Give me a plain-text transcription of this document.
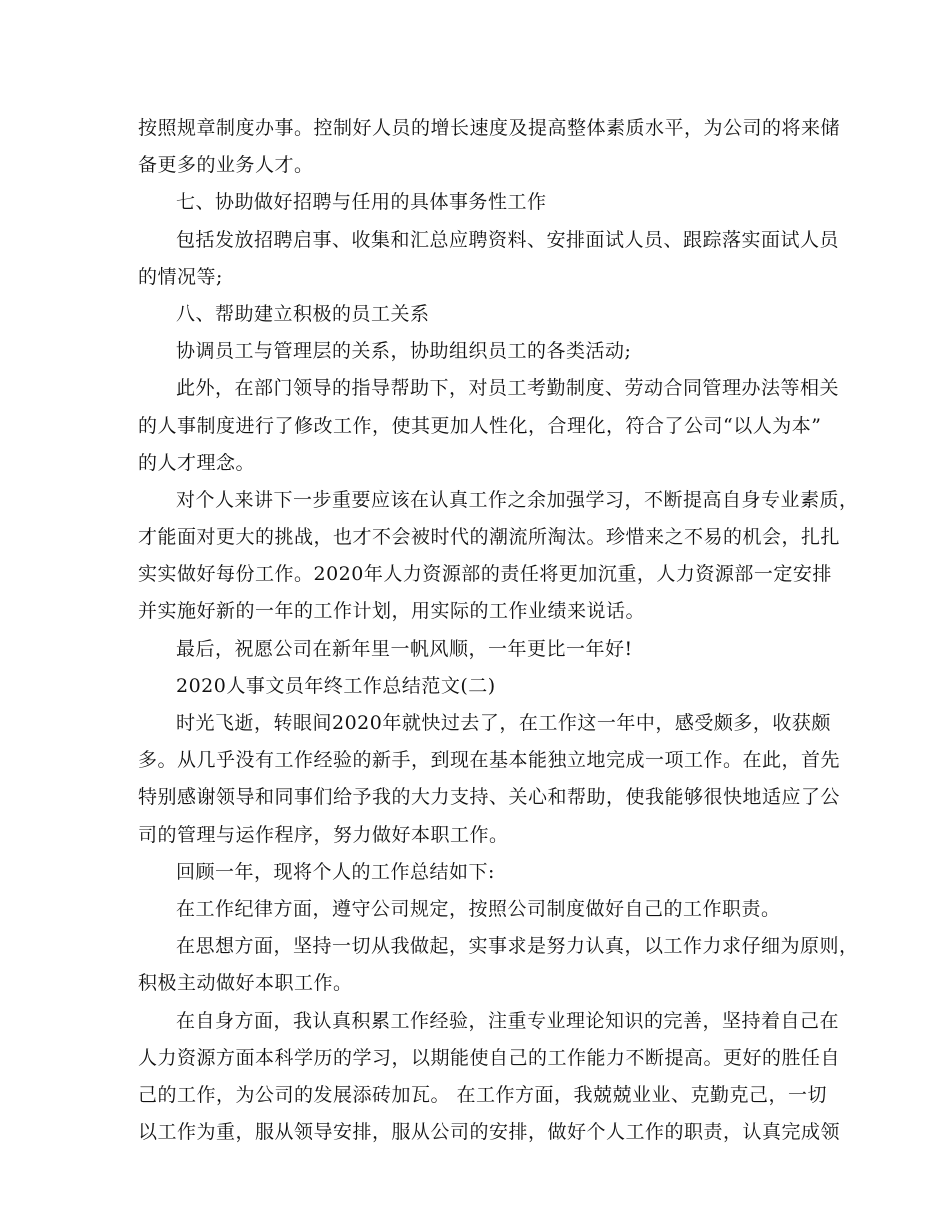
按照规章制度办事。控制好人员的增长速度及提高整体素质水平，为公司的将来储
备更多的业务人才。
七、协助做好招聘与任用的具体事务性工作
包括发放招聘启事、收集和汇总应聘资料、安排面试人员、跟踪落实面试人员
的情况等;
八、帮助建立积极的员工关系
协调员工与管理层的关系，协助组织员工的各类活动;
此外，在部门领导的指导帮助下，对员工考勤制度、劳动合同管理办法等相关
的人事制度进行了修改工作，使其更加人性化，合理化，符合了公司“以人为本”
的人才理念。
对个人来讲下一步重要应该在认真工作之余加强学习，不断提高自身专业素质，
才能面对更大的挑战，也才不会被时代的潮流所淘汰。珍惜来之不易的机会，扎扎
实实做好每份工作。2020年人力资源部的责任将更加沉重，人力资源部一定安排
并实施好新的一年的工作计划，用实际的工作业绩来说话。
最后，祝愿公司在新年里一帆风顺，一年更比一年好!
2020人事文员年终工作总结范文(二)
时光飞逝，转眼间2020年就快过去了，在工作这一年中，感受颇多，收获颇
多。从几乎没有工作经验的新手，到现在基本能独立地完成一项工作。在此，首先
特别感谢领导和同事们给予我的大力支持、关心和帮助，使我能够很快地适应了公
司的管理与运作程序，努力做好本职工作。
回顾一年，现将个人的工作总结如下:
在工作纪律方面，遵守公司规定，按照公司制度做好自己的工作职责。
在思想方面，坚持一切从我做起，实事求是努力认真，以工作力求仔细为原则，
积极主动做好本职工作。
在自身方面，我认真积累工作经验，注重专业理论知识的完善，坚持着自己在
人力资源方面本科学历的学习，以期能使自己的工作能力不断提高。更好的胜任自
己的工作，为公司的发展添砖加瓦。 在工作方面，我兢兢业业、克勤克己，一切
以工作为重，服从领导安排，服从公司的安排，做好个人工作的职责，认真完成领
